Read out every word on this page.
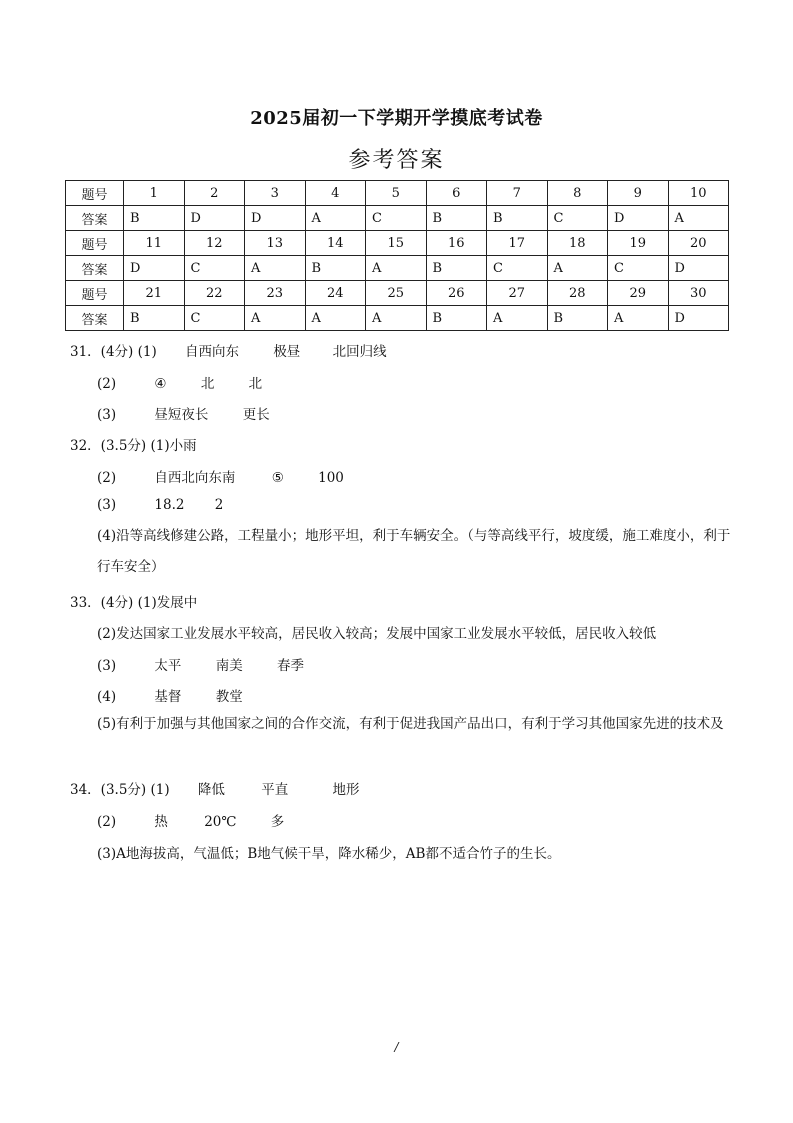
2025届初一下学期开学摸底考试卷
参考答案
题号	1	2	3	4	5	6	7	8	9	10
答案	B	D	D	A	C	B	B	C	D	A
题号	11	12	13	14	15	16	17	18	19	20
答案	D	C	A	B	A	B	C	A	C	D
题号	21	22	23	24	25	26	27	28	29	30
答案	B	C	A	A	A	B	A	B	A	D
31．(4分) (1) 自西向东	极昼 北回归线
(2)	④	北	北
(3)	昼短夜长	更长
32．(3.5分) (1)小雨
(2)	自西北向东南	⑤	100
(3)	18.2 2
(4)沿等高线修建公路，工程量小；地形平坦，利于车辆安全。（与等高线平行，坡度缓，施工难度小，利于行车安全）
33．(4分) (1)发展中
(2)发达国家工业发展水平较高，居民收入较高；发展中国家工业发展水平较低，居民收入较低
(3)	太平	南美	春季
(4)	基督	教堂
(5)有利于加强与其他国家之间的合作交流，有利于促进我国产品出口，有利于学习其他国家先进的技术及
34．(3.5分) (1) 降低	平直	地形
(2)	热	20℃	多
(3)A地海拔高，气温低；B地气候干旱，降水稀少，AB都不适合竹子的生长。
/
